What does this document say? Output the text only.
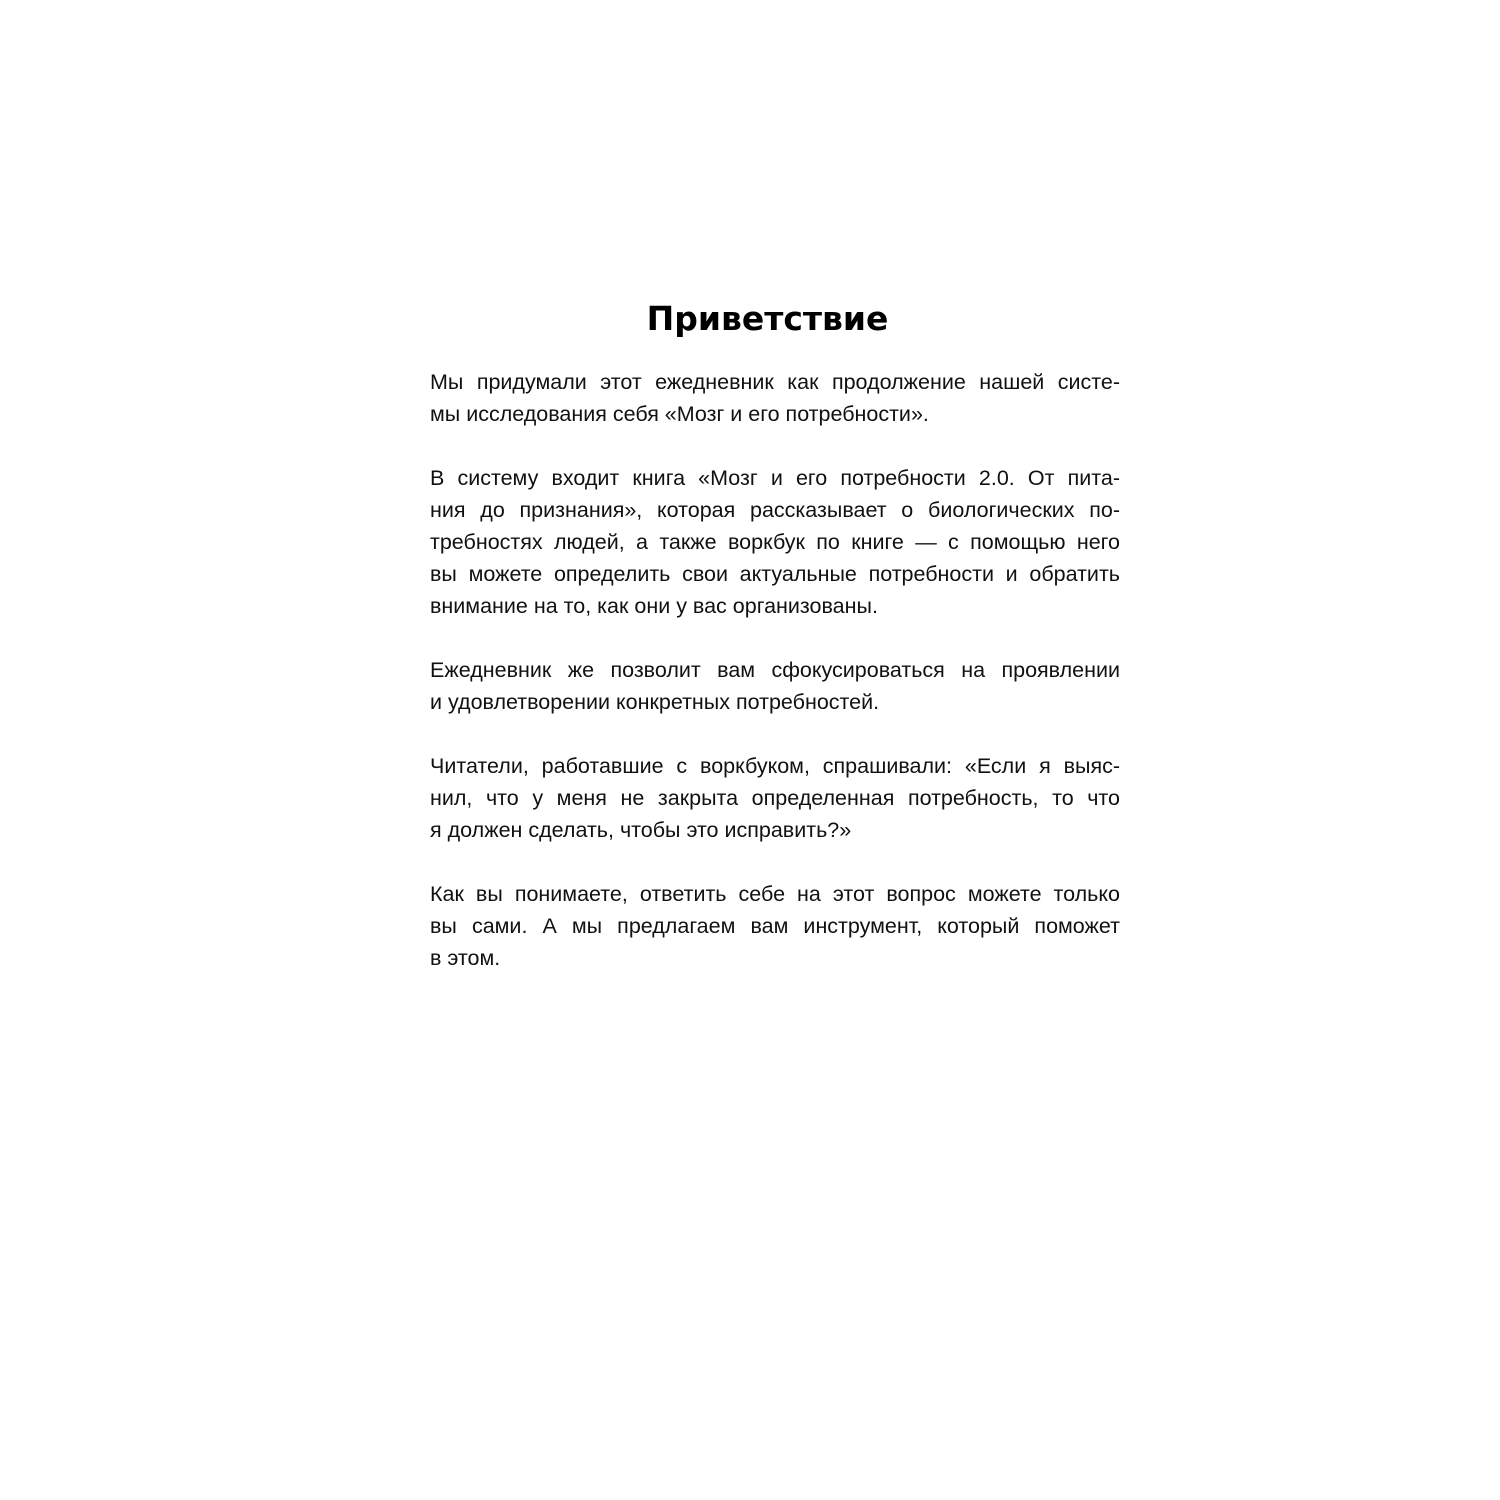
Приветствие

Мы придумали этот ежедневник как продолжение нашей систе-
мы исследования себя «Мозг и его потребности».

В систему входит книга «Мозг и его потребности 2.0. От пита-
ния до признания», которая рассказывает о биологических по-
требностях людей, а также воркбук по книге — с помощью него
вы можете определить свои актуальные потребности и обратить
внимание на то, как они у вас организованы.

Ежедневник же позволит вам сфокусироваться на проявлении
и удовлетворении конкретных потребностей.

Читатели, работавшие с воркбуком, спрашивали: «Если я выяс-
нил, что у меня не закрыта определенная потребность, то что
я должен сделать, чтобы это исправить?»

Как вы понимаете, ответить себе на этот вопрос можете только
вы сами. А мы предлагаем вам инструмент, который поможет
в этом.
